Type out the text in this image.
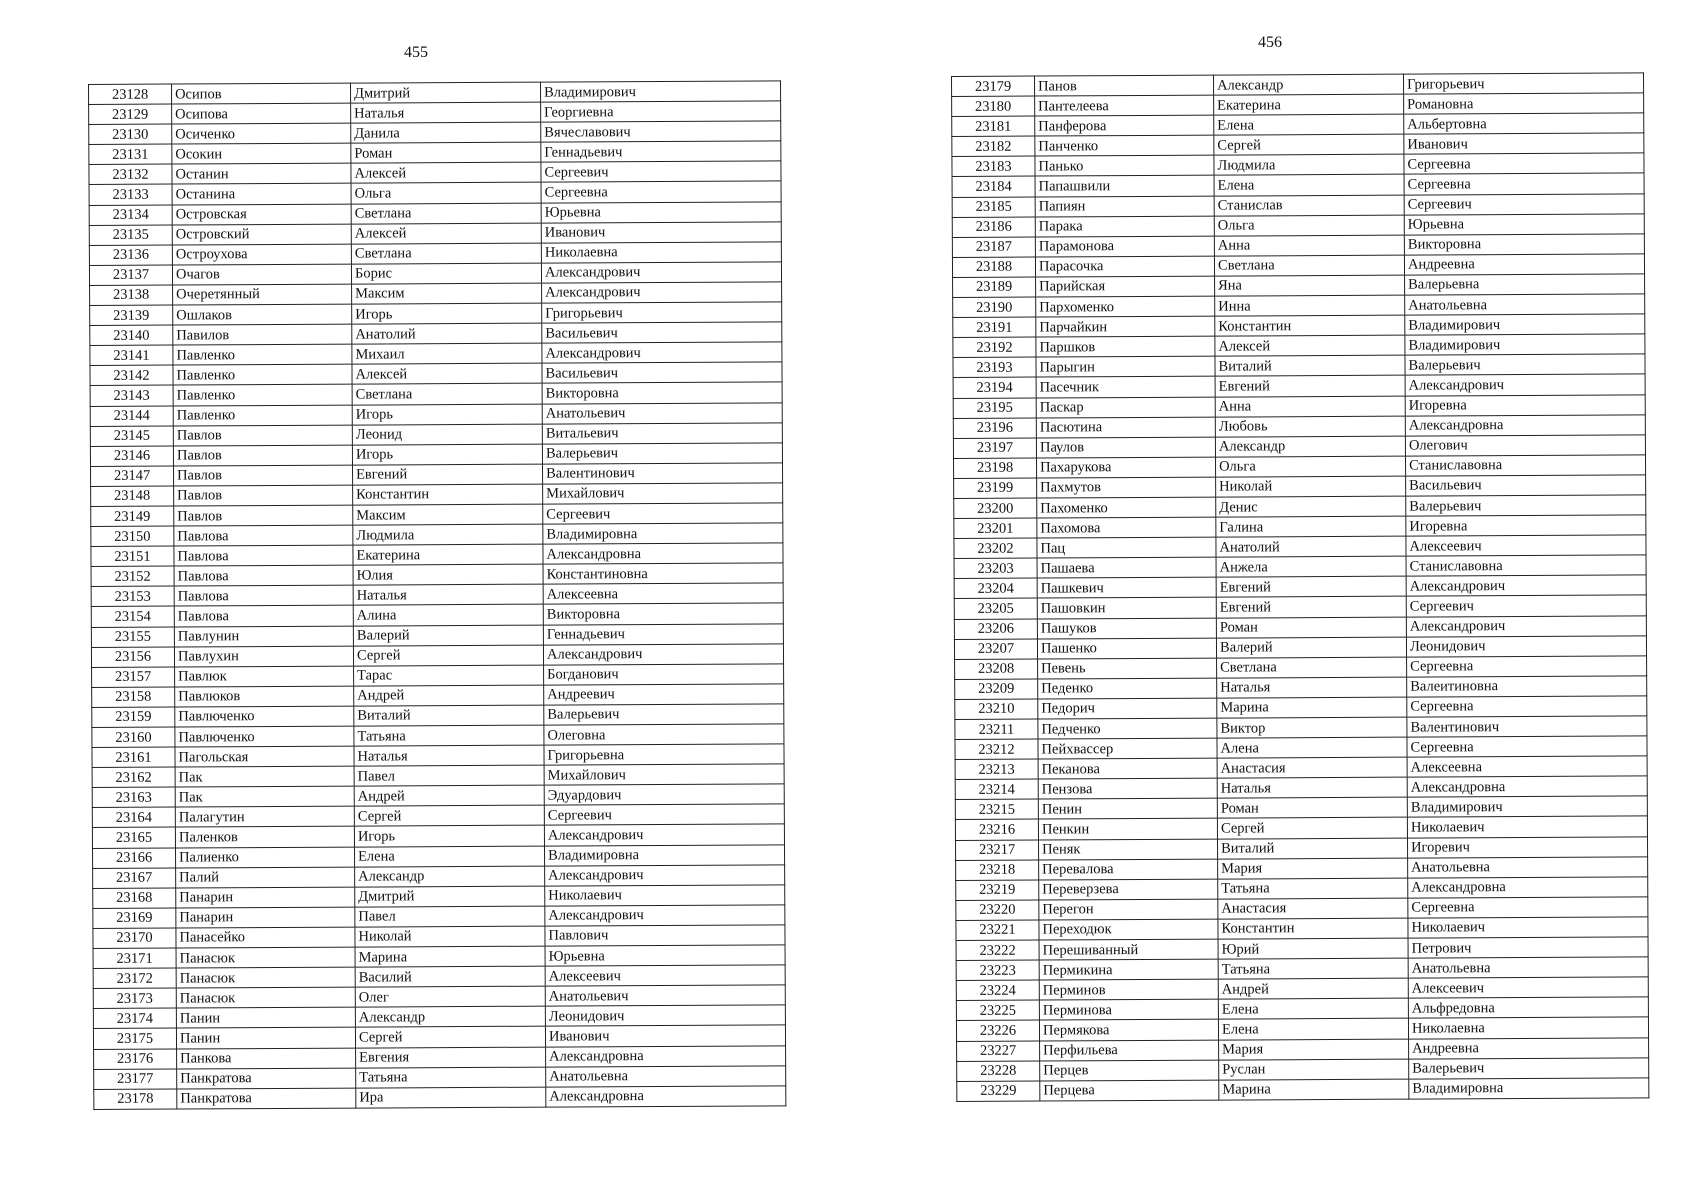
455
23128	Осипов	Дмитрий	Владимирович
23129	Осипова	Наталья	Георгиевна
23130	Осиченко	Данила	Вячеславович
23131	Осокин	Роман	Геннадьевич
23132	Останин	Алексей	Сергеевич
23133	Останина	Ольга	Сергеевна
23134	Островская	Светлана	Юрьевна
23135	Островский	Алексей	Иванович
23136	Остроухова	Светлана	Николаевна
23137	Очагов	Борис	Александрович
23138	Очеретянный	Максим	Александрович
23139	Ошлаков	Игорь	Григорьевич
23140	Павилов	Анатолий	Васильевич
23141	Павленко	Михаил	Александрович
23142	Павленко	Алексей	Васильевич
23143	Павленко	Светлана	Викторовна
23144	Павленко	Игорь	Анатольевич
23145	Павлов	Леонид	Витальевич
23146	Павлов	Игорь	Валерьевич
23147	Павлов	Евгений	Валентинович
23148	Павлов	Константин	Михайлович
23149	Павлов	Максим	Сергеевич
23150	Павлова	Людмила	Владимировна
23151	Павлова	Екатерина	Александровна
23152	Павлова	Юлия	Константиновна
23153	Павлова	Наталья	Алексеевна
23154	Павлова	Алина	Викторовна
23155	Павлунин	Валерий	Геннадьевич
23156	Павлухин	Сергей	Александрович
23157	Павлюк	Тарас	Богданович
23158	Павлюков	Андрей	Андреевич
23159	Павлюченко	Виталий	Валерьевич
23160	Павлюченко	Татьяна	Олеговна
23161	Пагольская	Наталья	Григорьевна
23162	Пак	Павел	Михайлович
23163	Пак	Андрей	Эдуардович
23164	Палагутин	Сергей	Сергеевич
23165	Паленков	Игорь	Александрович
23166	Палиенко	Елена	Владимировна
23167	Палий	Александр	Александрович
23168	Панарин	Дмитрий	Николаевич
23169	Панарин	Павел	Александрович
23170	Панасейко	Николай	Павлович
23171	Панасюк	Марина	Юрьевна
23172	Панасюк	Василий	Алексеевич
23173	Панасюк	Олег	Анатольевич
23174	Панин	Александр	Леонидович
23175	Панин	Сергей	Иванович
23176	Панкова	Евгения	Александровна
23177	Панкратова	Татьяна	Анатольевна
23178	Панкратова	Ира	Александровна
456
23179	Панов	Александр	Григорьевич
23180	Пантелеева	Екатерина	Романовна
23181	Панферова	Елена	Альбертовна
23182	Панченко	Сергей	Иванович
23183	Панько	Людмила	Сергеевна
23184	Папашвили	Елена	Сергеевна
23185	Папиян	Станислав	Сергеевич
23186	Парака	Ольга	Юрьевна
23187	Парамонова	Анна	Викторовна
23188	Парасочка	Светлана	Андреевна
23189	Парийская	Яна	Валерьевна
23190	Пархоменко	Инна	Анатольевна
23191	Парчайкин	Константин	Владимирович
23192	Паршков	Алексей	Владимирович
23193	Парыгин	Виталий	Валерьевич
23194	Пасечник	Евгений	Александрович
23195	Паскар	Анна	Игоревна
23196	Пасютина	Любовь	Александровна
23197	Паулов	Александр	Олегович
23198	Пахарукова	Ольга	Станиславовна
23199	Пахмутов	Николай	Васильевич
23200	Пахоменко	Денис	Валерьевич
23201	Пахомова	Галина	Игоревна
23202	Пац	Анатолий	Алексеевич
23203	Пашаева	Анжела	Станиславовна
23204	Пашкевич	Евгений	Александрович
23205	Пашовкин	Евгений	Сергеевич
23206	Пашуков	Роман	Александрович
23207	Пашенко	Валерий	Леонидович
23208	Певень	Светлана	Сергеевна
23209	Педенко	Наталья	Валеитиновна
23210	Педорич	Марина	Сергеевна
23211	Педченко	Виктор	Валентинович
23212	Пейхвассер	Алена	Сергеевна
23213	Пеканова	Анастасия	Алексеевна
23214	Пензова	Наталья	Александровна
23215	Пенин	Роман	Владимирович
23216	Пенкин	Сергей	Николаевич
23217	Пеняк	Виталий	Игоревич
23218	Перевалова	Мария	Анатольевна
23219	Переверзева	Татьяна	Александровна
23220	Перегон	Анастасия	Сергеевна
23221	Переходюк	Константин	Николаевич
23222	Перешиванный	Юрий	Петрович
23223	Пермикина	Татьяна	Анатольевна
23224	Перминов	Андрей	Алексеевич
23225	Перминова	Елена	Альфредовна
23226	Пермякова	Елена	Николаевна
23227	Перфильева	Мария	Андреевна
23228	Перцев	Руслан	Валерьевич
23229	Перцева	Марина	Владимировна
